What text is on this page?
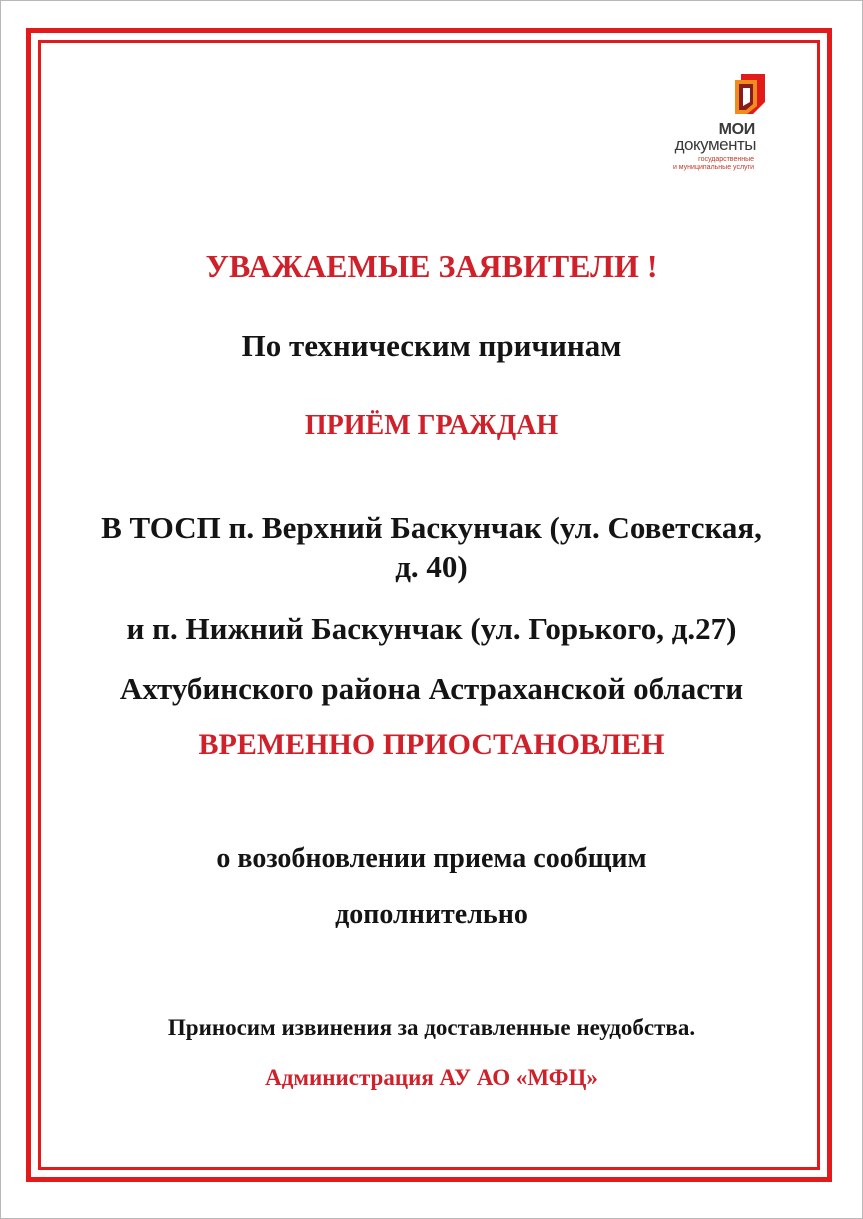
МОИ
документы
государственные
и муниципальные услуги
УВАЖАЕМЫЕ ЗАЯВИТЕЛИ !
По техническим причинам
ПРИЁМ ГРАЖДАН
В ТОСП п. Верхний Баскунчак (ул. Советская,
д. 40)
и п. Нижний Баскунчак (ул. Горького, д.27)
Ахтубинского района Астраханской области
ВРЕМЕННО ПРИОСТАНОВЛЕН
о возобновлении приема сообщим
дополнительно
Приносим извинения за доставленные неудобства.
Администрация АУ АО «МФЦ»
